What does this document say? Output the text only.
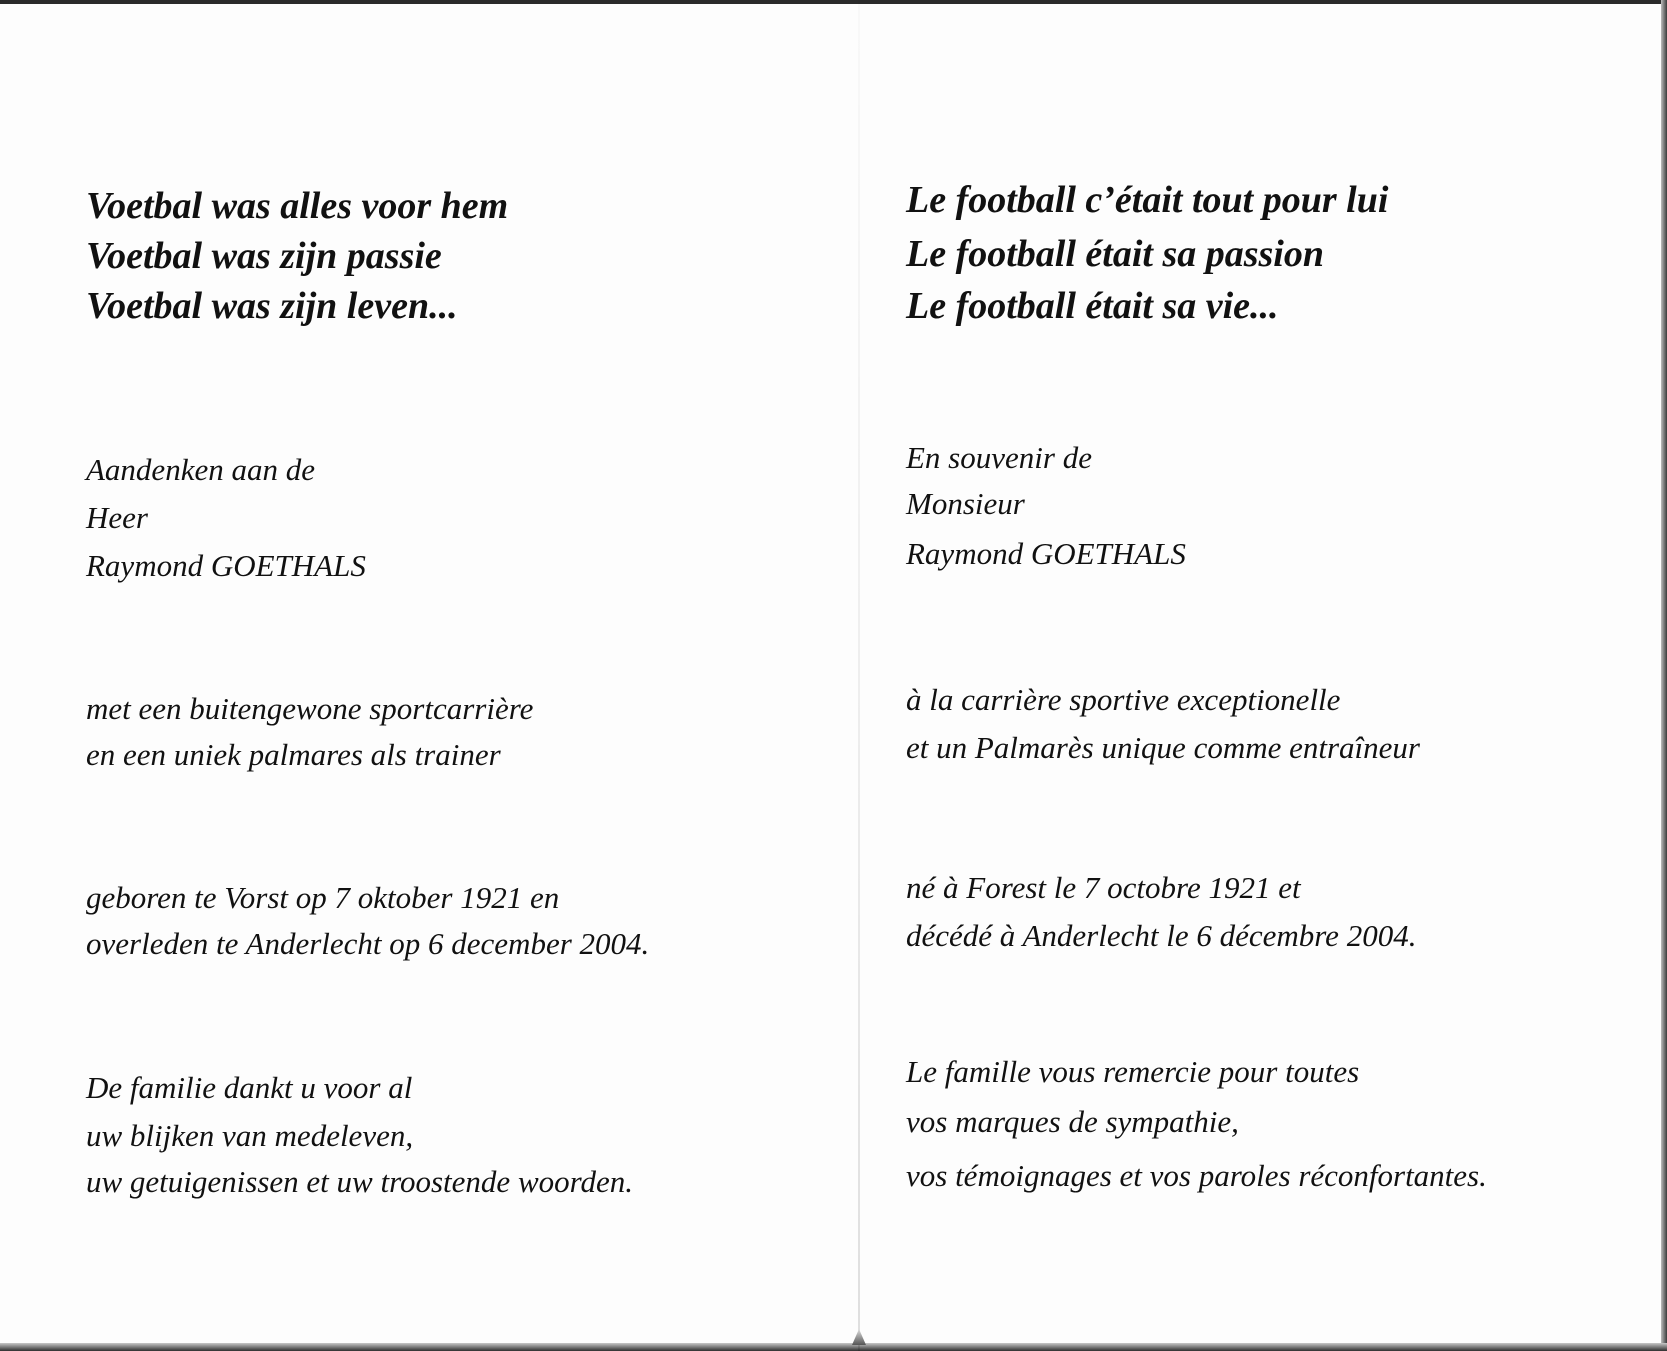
Voetbal was alles voor hem
Voetbal was zijn passie
Voetbal was zijn leven...
Aandenken aan de
Heer
Raymond GOETHALS
met een buitengewone sportcarrière
en een uniek palmares als trainer
geboren te Vorst op 7 oktober 1921 en
overleden te Anderlecht op 6 december 2004.
De familie dankt u voor al
uw blijken van medeleven,
uw getuigenissen et uw troostende woorden.
Le football c’était tout pour lui
Le football était sa passion
Le football était sa vie...
En souvenir de
Monsieur
Raymond GOETHALS
à la carrière sportive exceptionelle
et un Palmarès unique comme entraîneur
né à Forest le 7 octobre 1921 et
décédé à Anderlecht le 6 décembre 2004.
Le famille vous remercie pour toutes
vos marques de sympathie,
vos témoignages et vos paroles réconfortantes.
